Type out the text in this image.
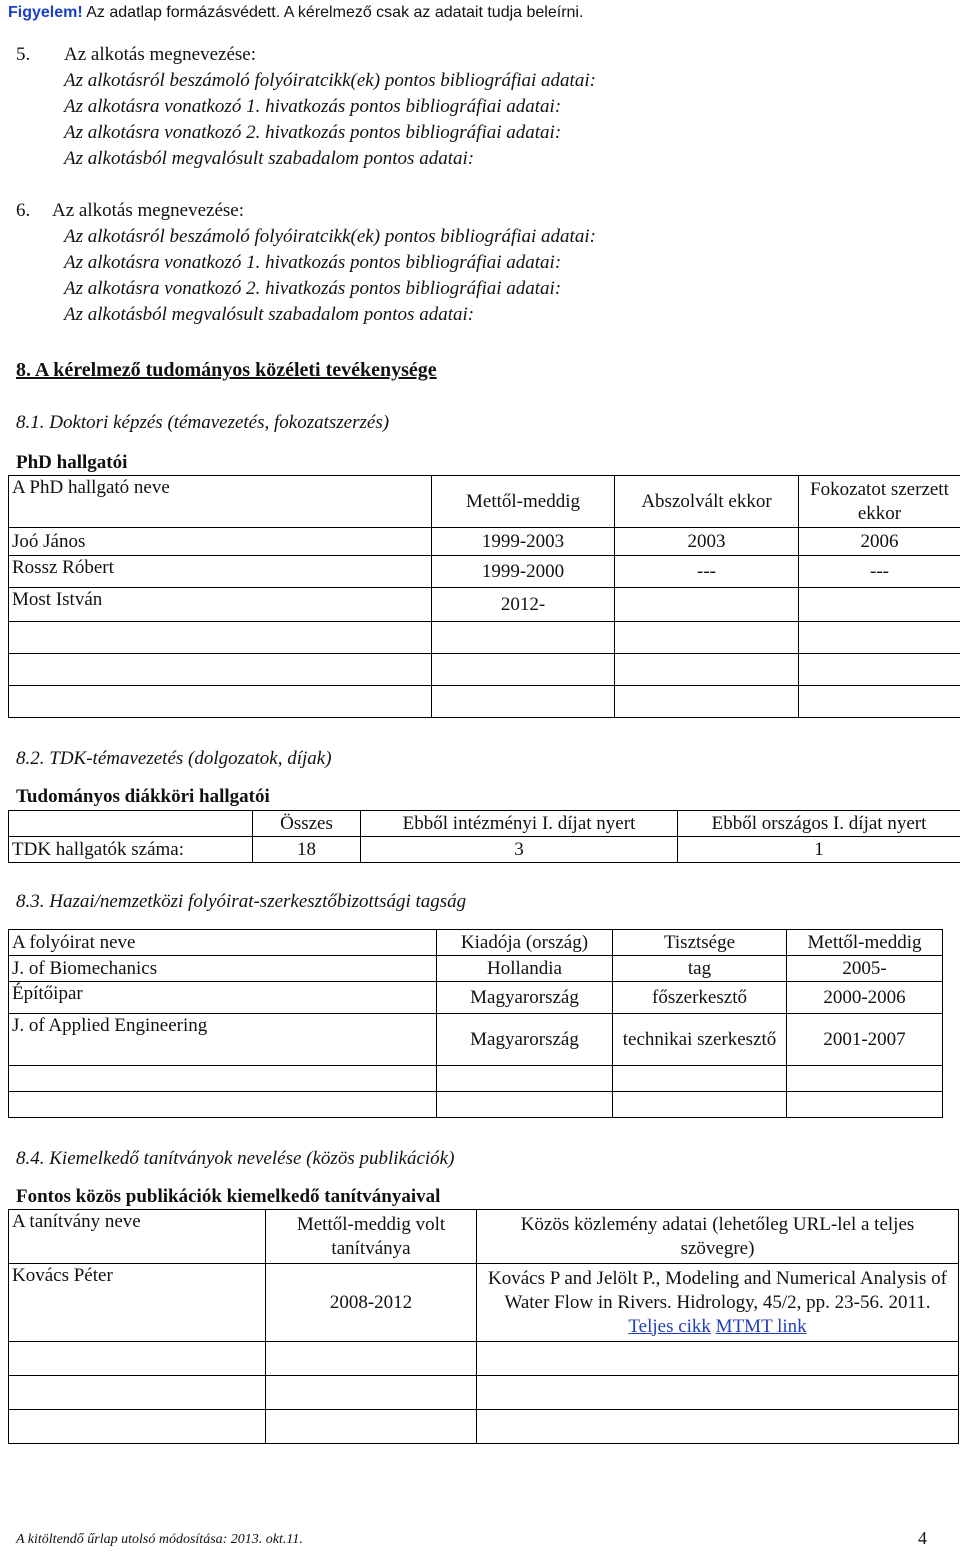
Figyelem! Az adatlap formázásvédett. A kérelmező csak az adatait tudja beleírni.
5. Az alkotás megnevezése:
Az alkotásról beszámoló folyóiratcikk(ek) pontos bibliográfiai adatai:
Az alkotásra vonatkozó 1. hivatkozás pontos bibliográfiai adatai:
Az alkotásra vonatkozó 2. hivatkozás pontos bibliográfiai adatai:
Az alkotásból megvalósult szabadalom pontos adatai:
6. Az alkotás megnevezése:
Az alkotásról beszámoló folyóiratcikk(ek) pontos bibliográfiai adatai:
Az alkotásra vonatkozó 1. hivatkozás pontos bibliográfiai adatai:
Az alkotásra vonatkozó 2. hivatkozás pontos bibliográfiai adatai:
Az alkotásból megvalósult szabadalom pontos adatai:
8. A kérelmező tudományos közéleti tevékenysége
8.1. Doktori képzés (témavezetés, fokozatszerzés)
PhD hallgatói
A PhD hallgató neve	Mettől-meddig	Abszolvált ekkor	Fokozatot szerzett ekkor
Joó János	1999-2003	2003	2006
Rossz Róbert	1999-2000	---	---
Most István	2012-		

8.2. TDK-témavezetés (dolgozatok, díjak)
Tudományos diákköri hallgatói
	Összes	Ebből intézményi I. díjat nyert	Ebből országos I. díjat nyert
TDK hallgatók száma:	18	3	1
8.3. Hazai/nemzetközi folyóirat-szerkesztőbizottsági tagság
A folyóirat neve	Kiadója (ország)	Tisztsége	Mettől-meddig
J. of Biomechanics	Hollandia	tag	2005-
Építőipar	Magyarország	főszerkesztő	2000-2006
J. of Applied Engineering	Magyarország	technikai szerkesztő	2001-2007

8.4. Kiemelkedő tanítványok nevelése (közös publikációk)
Fontos közös publikációk kiemelkedő tanítványaival
A tanítvány neve	Mettől-meddig volt tanítványa	Közös közlemény adatai (lehetőleg URL-lel a teljes szövegre)
Kovács Péter	2008-2012	Kovács P and Jelölt P., Modeling and Numerical Analysis of Water Flow in Rivers. Hidrology, 45/2, pp. 23-56. 2011. Teljes cikk MTMT link

A kitöltendő űrlap utolsó módosítása: 2013. okt.11.	4
